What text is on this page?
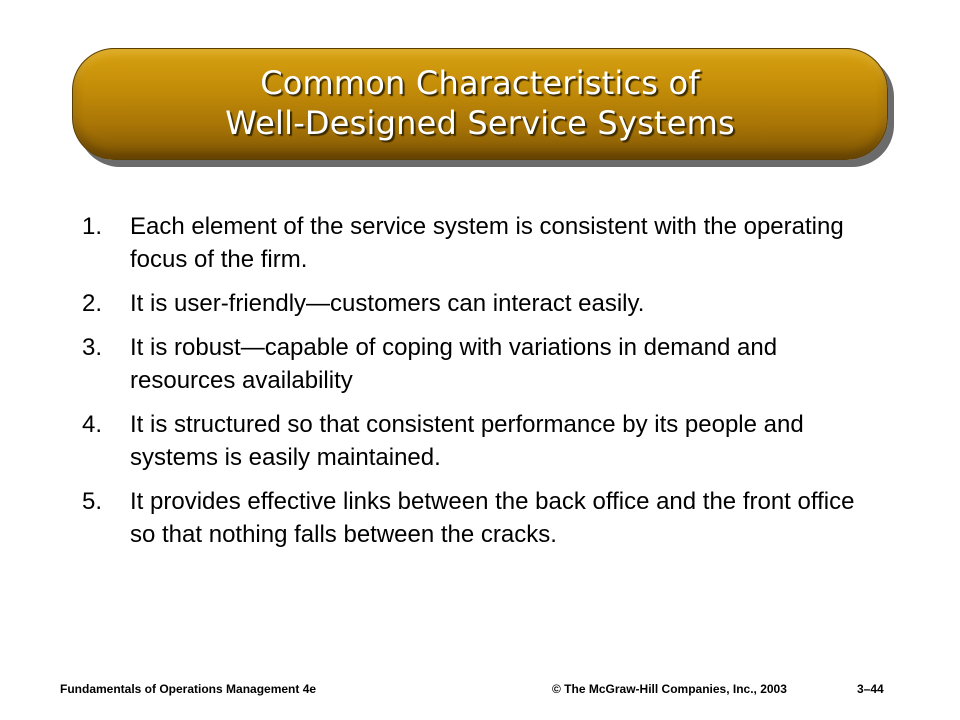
Common Characteristics of
Well-Designed Service Systems
1.	Each element of the service system is consistent with the operating focus of the firm.
2.	It is user-friendly—customers can interact easily.
3.	It is robust—capable of coping with variations in demand and resources availability
4.	It is structured so that consistent performance by its people and systems is easily maintained.
5.	It provides effective links between the back office and the front office so that nothing falls between the cracks.
Fundamentals of Operations Management 4e	© The McGraw-Hill Companies, Inc., 2003	3–44
